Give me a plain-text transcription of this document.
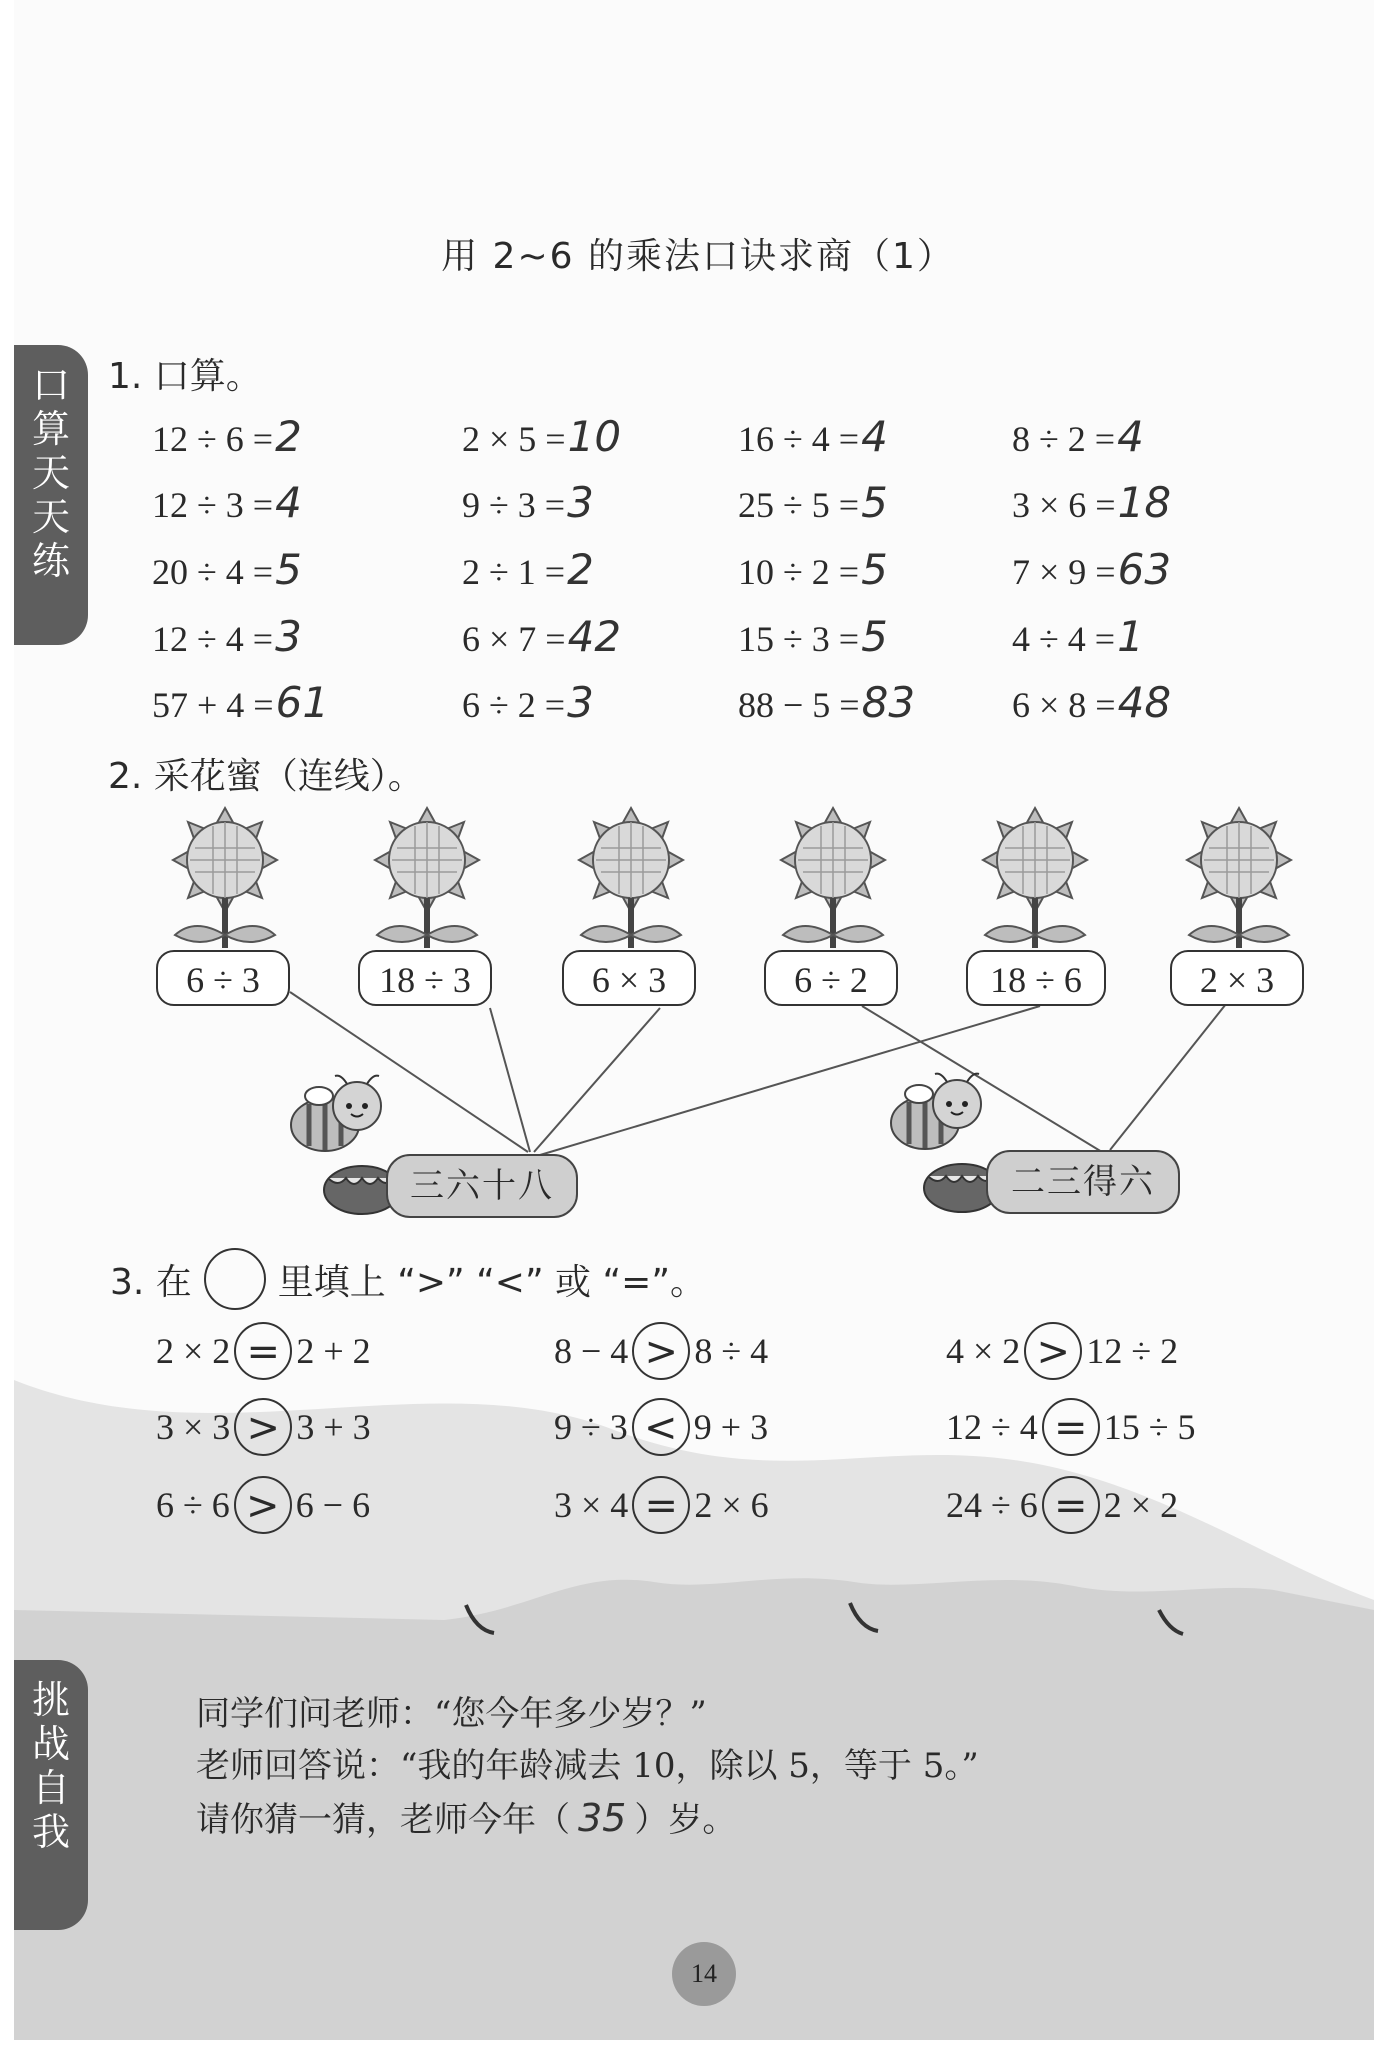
用 2~6 的乘法口诀求商（1）
口
算
天
天
练
挑
战
自
我
1. 口算。
12 ÷ 6 =2	2 × 5 =10	16 ÷ 4 =4	8 ÷ 2 =4
12 ÷ 3 =4	9 ÷ 3 =3	25 ÷ 5 =5	3 × 6 =18
20 ÷ 4 =5	2 ÷ 1 =2	10 ÷ 2 =5	7 × 9 =63
12 ÷ 4 =3	6 × 7 =42	15 ÷ 3 =5	4 ÷ 4 =1
57 + 4 =61	6 ÷ 2 =3	88 − 5 =83	6 × 8 =48
2. 采花蜜（连线）。
6 ÷ 3	18 ÷ 3	6 × 3	6 ÷ 2	18 ÷ 6	2 × 3
三六十八	二三得六
3. 在 里填上 “>” “<” 或 “=”。
2 × 2 = 2 + 2	8 − 4 > 8 ÷ 4	4 × 2 > 12 ÷ 2
3 × 3 > 3 + 3	9 ÷ 3 < 9 + 3	12 ÷ 4 = 15 ÷ 5
6 ÷ 6 > 6 − 6	3 × 4 = 2 × 6	24 ÷ 6 = 2 × 2
同学们问老师：“您今年多少岁？”
老师回答说：“我的年龄减去 10，除以 5，等于 5。”
请你猜一猜，老师今年（ 35 ）岁。
14
